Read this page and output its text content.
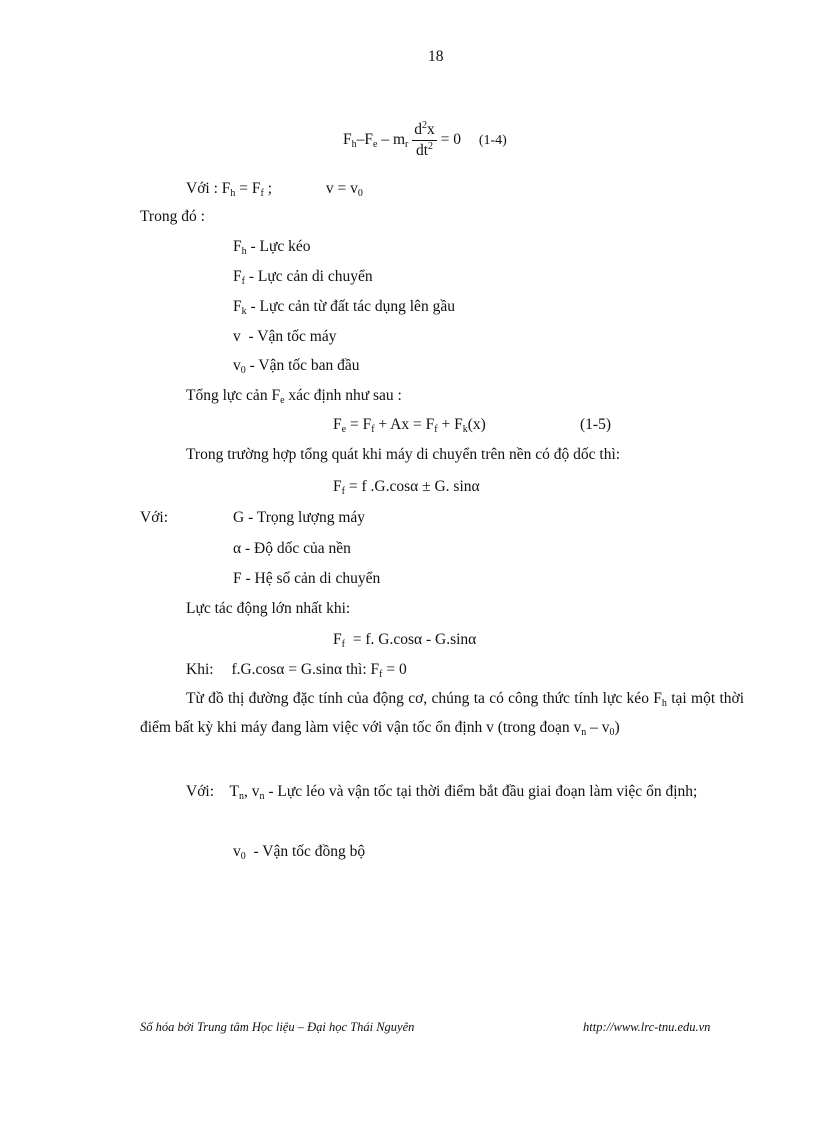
18
$F_h-F_e - m_r \frac{d^2x}{dt^2} = 0$ (1-4)
Với : $F_h = F_f$ ;	$v = v_0$
Trong đó :
$F_h$ - Lực kéo
$F_f$ - Lực cản di chuyển
$F_k$ - Lực cản từ đất tác dụng lên gầu
v  - Vận tốc máy
$v_0$ - Vận tốc ban đầu
Tổng lực cản $F_e$ xác định như sau :
$F_e = F_f + Ax = F_f + F_k(x)$	(1-5)
Trong trường hợp tổng quát khi máy di chuyển trên nền có độ dốc thì:
$F_f = f$ .G.cosα ± G. sinα
Với:	G - Trọng lượng máy
α - Độ dốc của nền
F - Hệ số cản di chuyển
Lực tác động lớn nhất khi:
$F_f = f$. G.cosα - G.sinα
Khi: f.G.cosα = G.sinα thì: $F_f = 0$
Từ đồ thị đường đặc tính của động cơ, chúng ta có công thức tính lực kéo $F_h$ tại một thời điểm bất kỳ khi máy đang làm việc với vận tốc ổn định v (trong đoạn $v_n - v_0$)
Với: $T_n$, $v_n$ - Lực léo và vận tốc tại thời điểm bắt đầu giai đoạn làm việc ổn định;
$v_0$  - Vận tốc đồng bộ
Số hóa bởi Trung tâm Học liệu – Đại học Thái Nguyên	http://www.lrc-tnu.edu.vn
